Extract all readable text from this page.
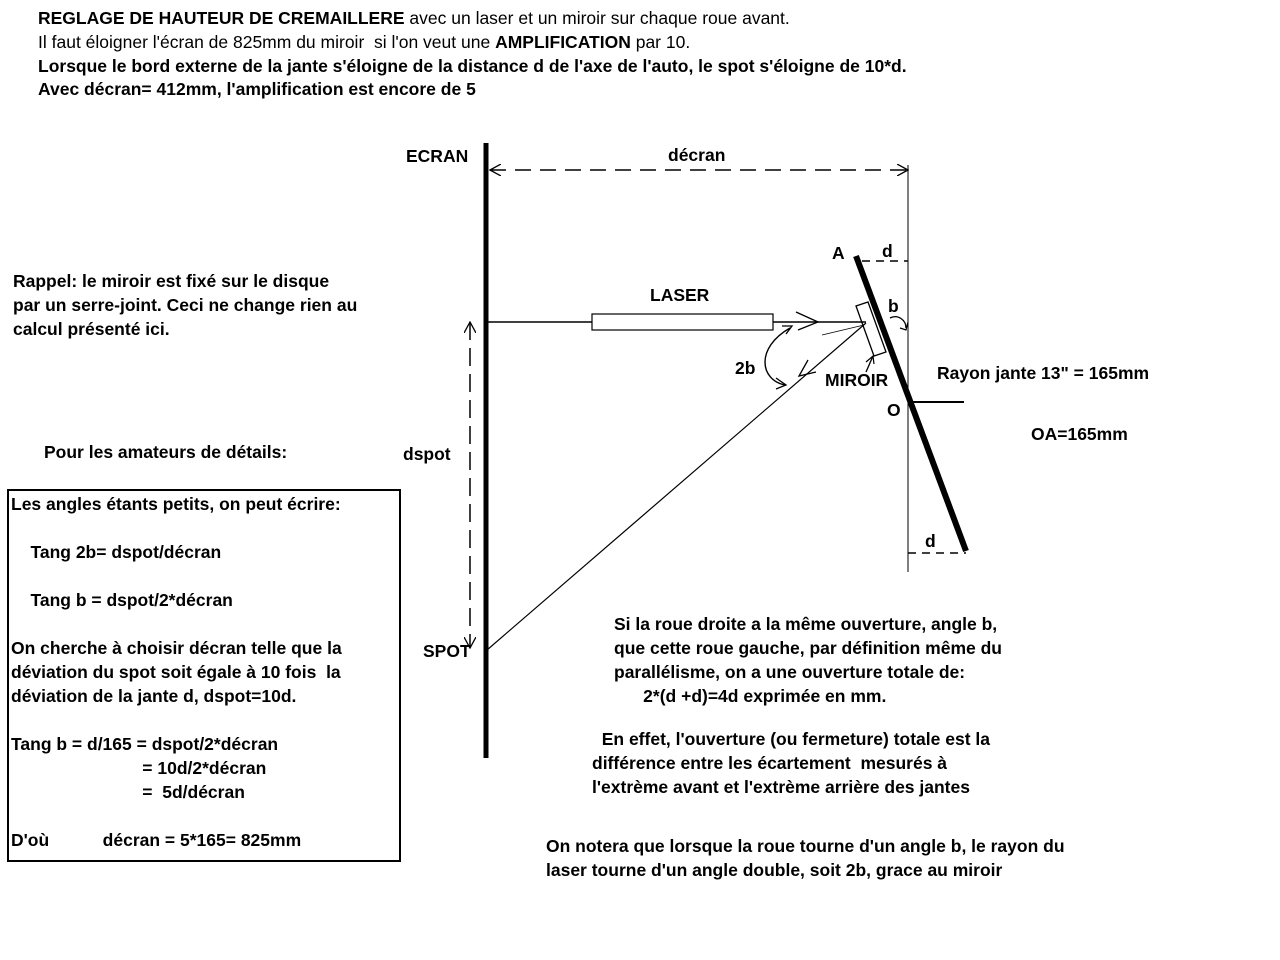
REGLAGE DE HAUTEUR DE CREMAILLERE avec un laser et un miroir sur chaque roue avant.
Il faut éloigner l'écran de 825mm du miroir  si l'on veut une AMPLIFICATION par 10.
Lorsque le bord externe de la jante s'éloigne de la distance d de l'axe de l'auto, le spot s'éloigne de 10*d.
Avec décran= 412mm, l'amplification est encore de 5
ECRAN	décran
A d
LASER
b
2b
MIROIR
O
Rayon jante 13" = 165mm
OA=165mm
d
dspot
SPOT
Rappel: le miroir est fixé sur le disque
par un serre-joint. Ceci ne change rien au
calcul présenté ici.
Pour les amateurs de détails:
Les angles étants petits, on peut écrire:
Tang 2b= dspot/décran
Tang b = dspot/2*décran
On cherche à choisir décran telle que la
déviation du spot soit égale à 10 fois  la
déviation de la jante d, dspot=10d.
Tang b = d/165 = dspot/2*décran
= 10d/2*décran
=  5d/décran
D'où           décran = 5*165= 825mm
Si la roue droite a la même ouverture, angle b,
que cette roue gauche, par définition même du
parallélisme, on a une ouverture totale de:
2*(d +d)=4d exprimée en mm.
En effet, l'ouverture (ou fermeture) totale est la
différence entre les écartement  mesurés à
l'extrème avant et l'extrème arrière des jantes
On notera que lorsque la roue tourne d'un angle b, le rayon du
laser tourne d'un angle double, soit 2b, grace au miroir
